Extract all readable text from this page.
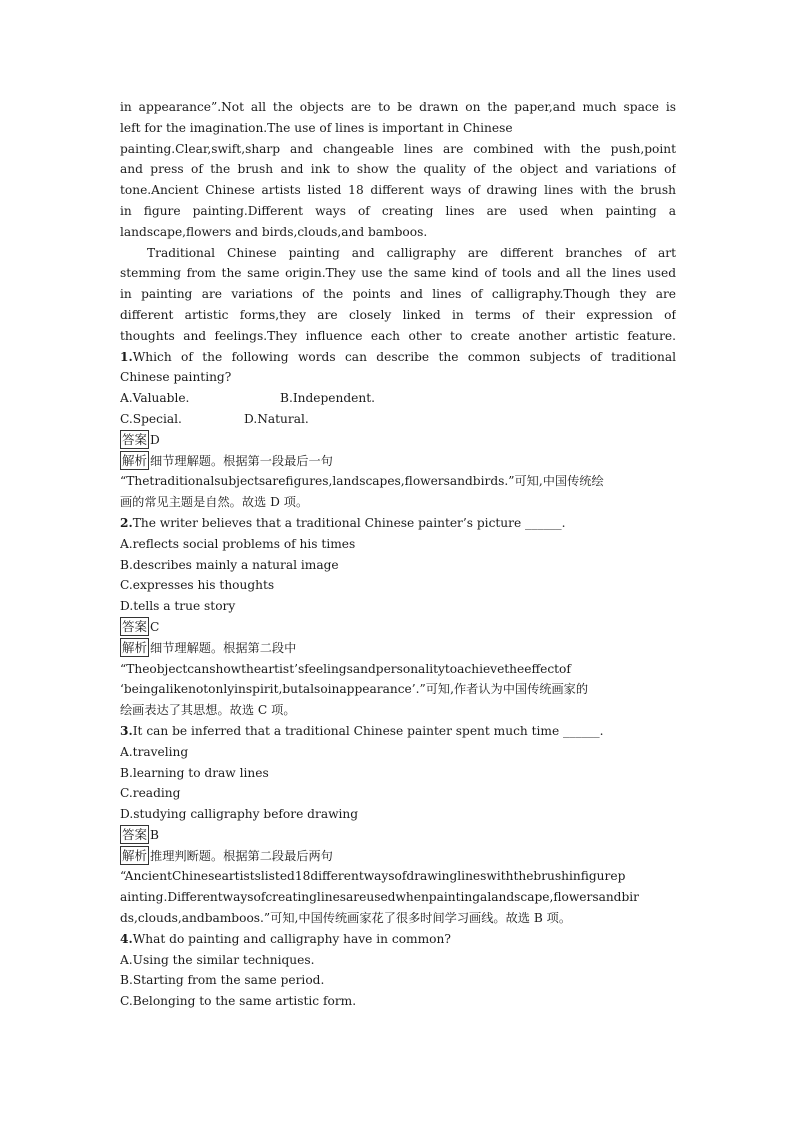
in appearance”.Not all the objects are to be drawn on the paper,and much space is
left for the imagination.The use of lines is important in Chinese
painting.Clear,swift,sharp and changeable lines are combined with the push,point
and press of the brush and ink to show the quality of the object and variations of
tone.Ancient Chinese artists listed 18 different ways of drawing lines with the brush
in figure painting.Different ways of creating lines are used when painting a
landscape,flowers and birds,clouds,and bamboos.
Traditional Chinese painting and calligraphy are different branches of art
stemming from the same origin.They use the same kind of tools and all the lines used
in painting are variations of the points and lines of calligraphy.Though they are
different artistic forms,they are closely linked in terms of their expression of
thoughts and feelings.They influence each other to create another artistic feature.
1.Which of the following words can describe the common subjects of traditional
Chinese painting?
A.Valuable.	B.Independent.
C.Special.	D.Natural.
答案 D
解析 细节理解题。根据第一段最后一句
“Thetraditionalsubjectsarefigures,landscapes,flowersandbirds.”可知,中国传统绘
画的常见主题是自然。故选 D 项。
2.The writer believes that a traditional Chinese painter’s picture ______.
A.reflects social problems of his times
B.describes mainly a natural image
C.expresses his thoughts
D.tells a true story
答案 C
解析 细节理解题。根据第二段中
“Theobjectcanshowtheartist’sfeelingsandpersonalitytoachievetheeffectof
‘beingalikenotonlyinspirit,butalsoinappearance’.”可知,作者认为中国传统画家的
绘画表达了其思想。故选 C 项。
3.It can be inferred that a traditional Chinese painter spent much time ______.
A.traveling
B.learning to draw lines
C.reading
D.studying calligraphy before drawing
答案 B
解析 推理判断题。根据第二段最后两句
“AncientChineseartistslisted18differentwaysofdrawinglineswiththebrushinfigurep
ainting.Differentwaysofcreatinglinesareusedwhenpaintingalandscape,flowersandbir
ds,clouds,andbamboos.”可知,中国传统画家花了很多时间学习画线。故选 B 项。
4.What do painting and calligraphy have in common?
A.Using the similar techniques.
B.Starting from the same period.
C.Belonging to the same artistic form.
